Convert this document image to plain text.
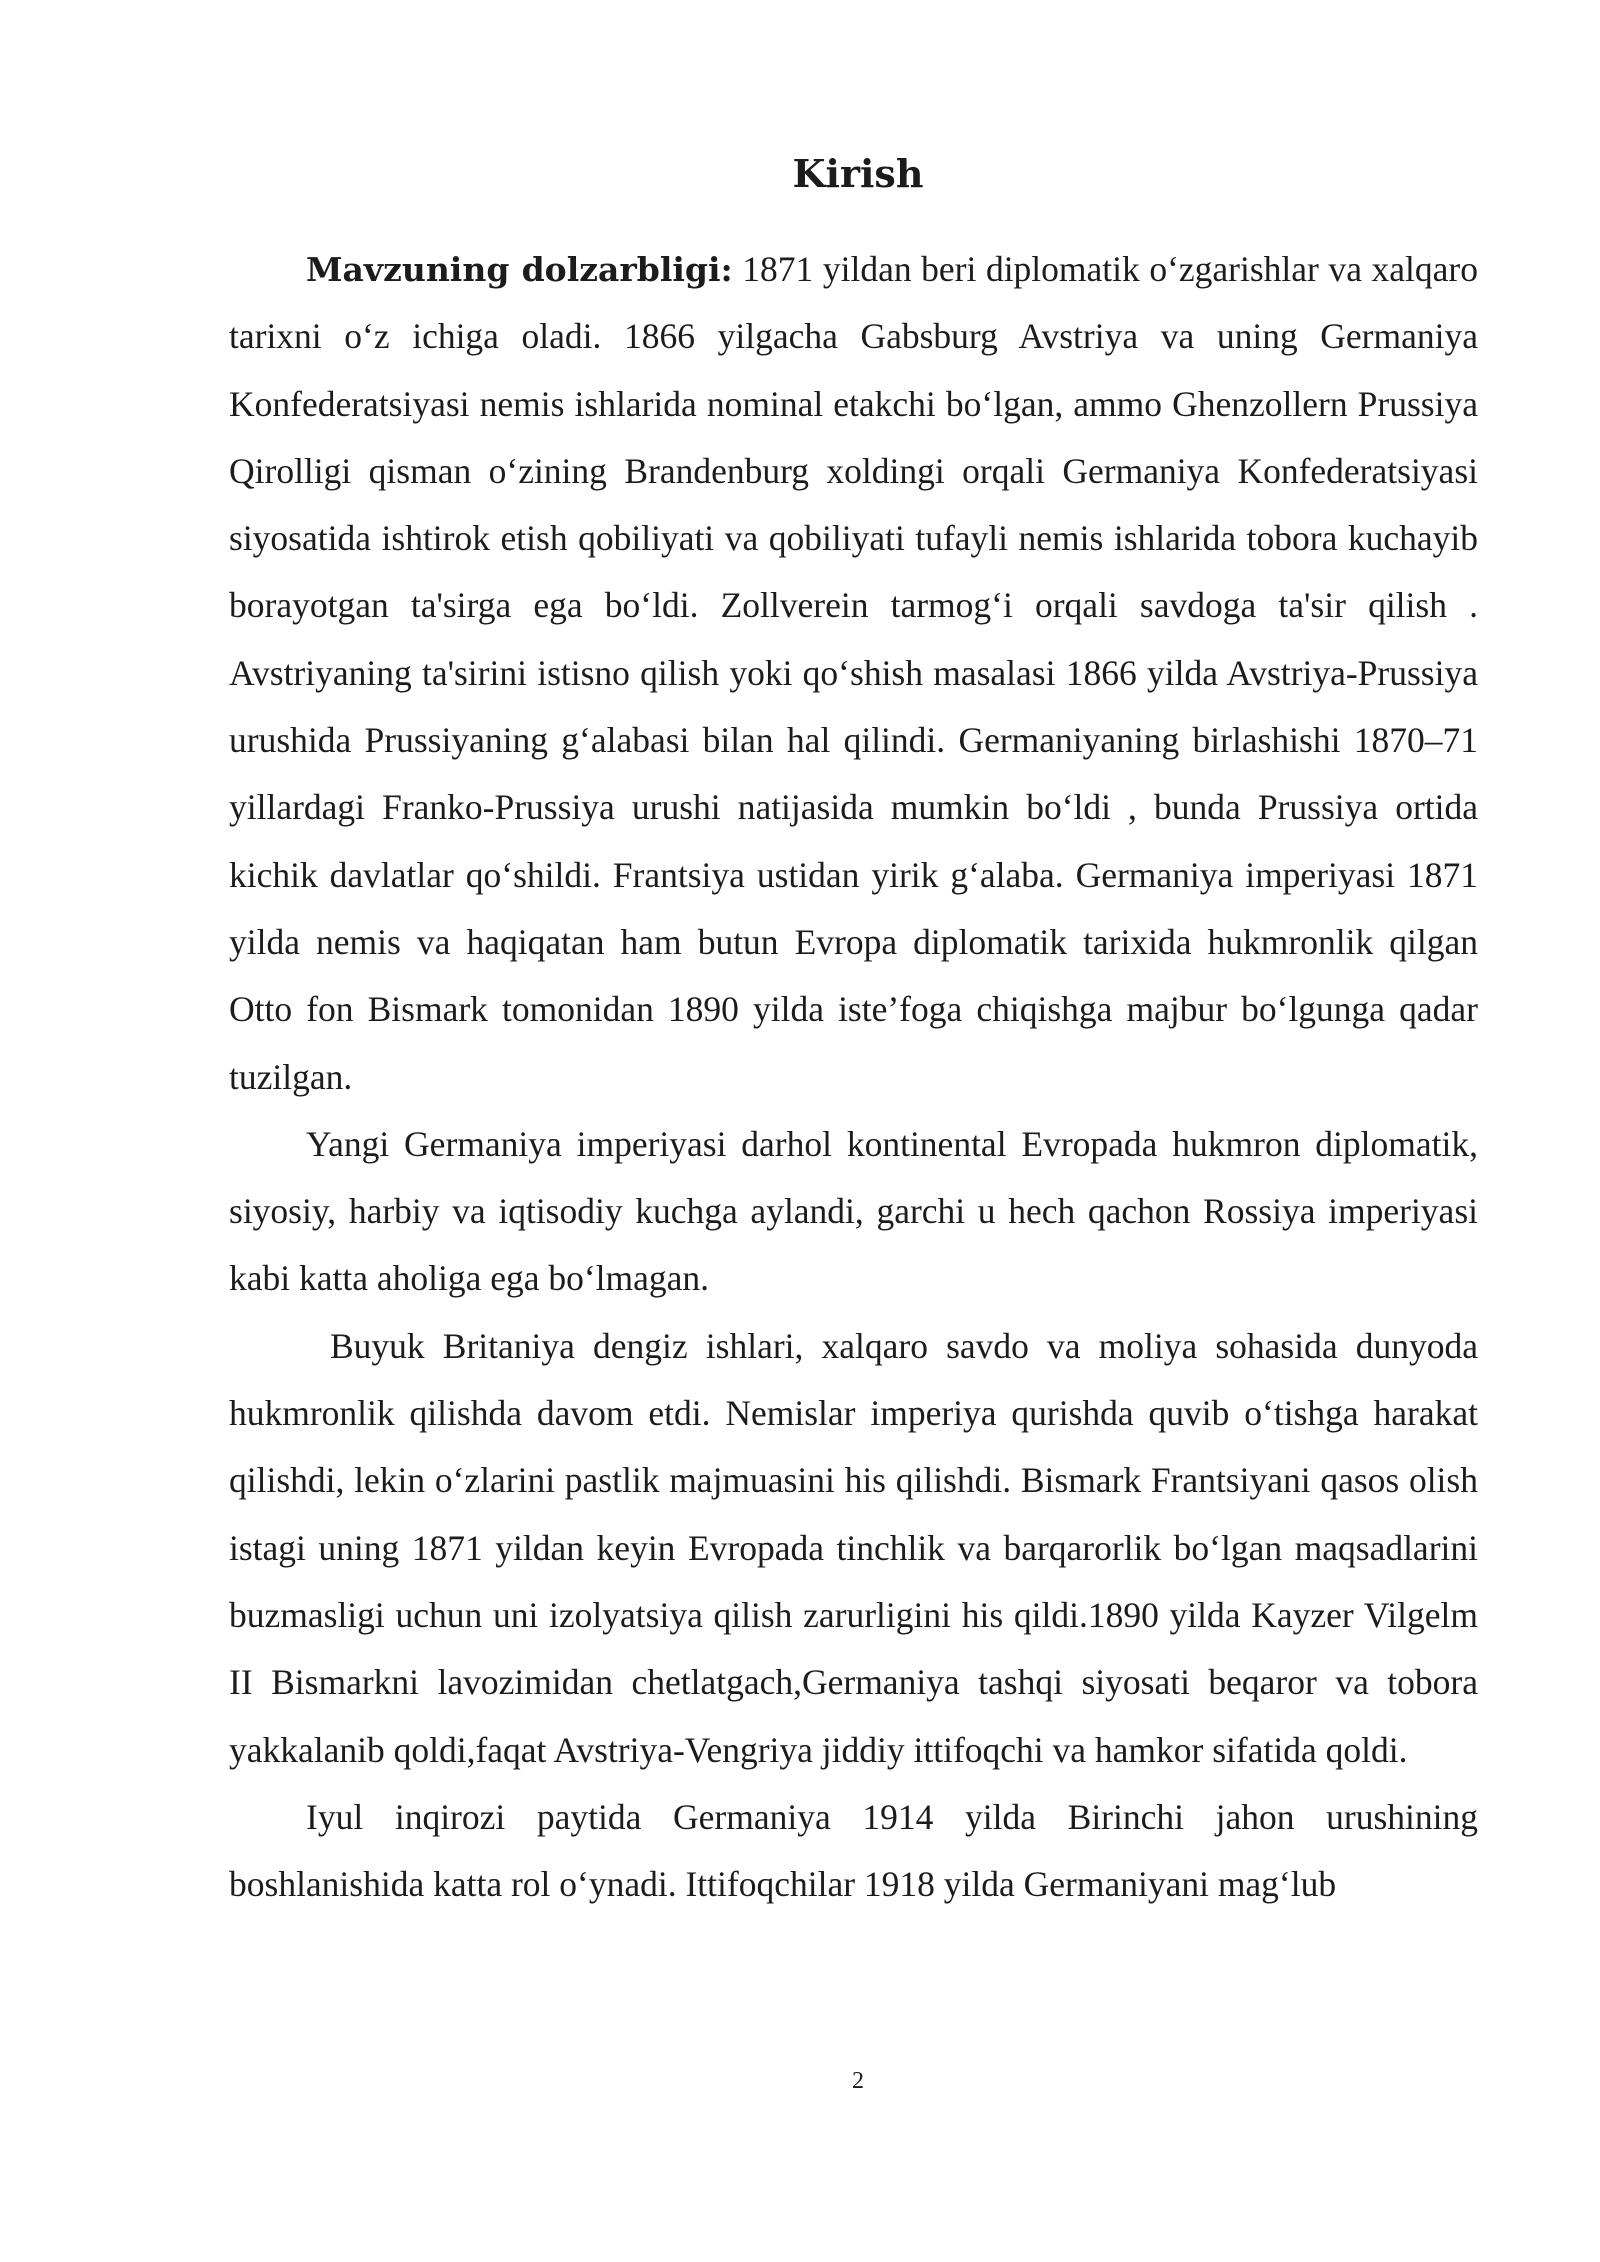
Kirish

Mavzuning dolzarbligi: 1871 yildan beri diplomatik o‘zgarishlar va xalqaro tarixni o‘z ichiga oladi. 1866 yilgacha Gabsburg Avstriya va uning Germaniya Konfederatsiyasi nemis ishlarida nominal etakchi bo‘lgan, ammo Ghenzollern Prussiya Qirolligi qisman o‘zining Brandenburg xoldingi orqali Germaniya Konfederatsiyasi siyosatida ishtirok etish qobiliyati va qobiliyati tufayli nemis ishlarida tobora kuchayib borayotgan ta'sirga ega bo‘ldi. Zollverein tarmog‘i orqali savdoga ta'sir qilish . Avstriyaning ta'sirini istisno qilish yoki qo‘shish masalasi 1866 yilda Avstriya-Prussiya urushida Prussiyaning g‘alabasi bilan hal qilindi. Germaniyaning birlashishi 1870–71 yillardagi Franko-Prussiya urushi natijasida mumkin bo‘ldi , bunda Prussiya ortida kichik davlatlar qo‘shildi. Frantsiya ustidan yirik g‘alaba. Germaniya imperiyasi 1871 yilda nemis va haqiqatan ham butun Evropa diplomatik tarixida hukmronlik qilgan Otto fon Bismark tomonidan 1890 yilda iste’foga chiqishga majbur bo‘lgunga qadar tuzilgan.

Yangi Germaniya imperiyasi darhol kontinental Evropada hukmron diplomatik, siyosiy, harbiy va iqtisodiy kuchga aylandi, garchi u hech qachon Rossiya imperiyasi kabi katta aholiga ega bo‘lmagan.

Buyuk Britaniya dengiz ishlari, xalqaro savdo va moliya sohasida dunyoda hukmronlik qilishda davom etdi. Nemislar imperiya qurishda quvib o‘tishga harakat qilishdi, lekin o‘zlarini pastlik majmuasini his qilishdi. Bismark Frantsiyani qasos olish istagi uning 1871 yildan keyin Evropada tinchlik va barqarorlik bo‘lgan maqsadlarini buzmasligi uchun uni izolyatsiya qilish zarurligini his qildi.1890 yilda Kayzer Vilgelm II Bismarkni lavozimidan chetlatgach,Germaniya tashqi siyosati beqaror va tobora yakkalanib qoldi,faqat Avstriya-Vengriya jiddiy ittifoqchi va hamkor sifatida qoldi.

Iyul inqirozi paytida Germaniya 1914 yilda Birinchi jahon urushining boshlanishida katta rol o‘ynadi. Ittifoqchilar 1918 yilda Germaniyani mag‘lub

2
